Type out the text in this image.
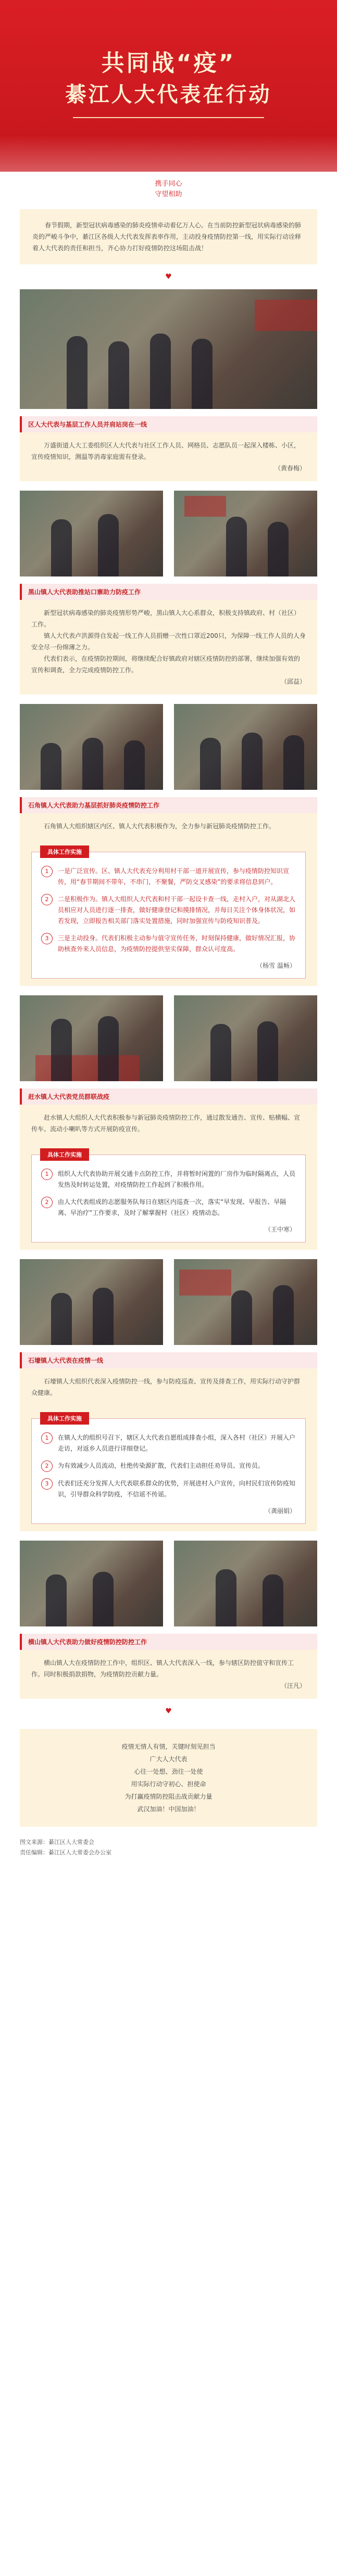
共同战“疫”
綦江人大代表在行动
携手同心
守望相助
春节假期，新型冠状病毒感染的肺炎疫情牵动着亿万人心。在当前防控新型冠状病毒感染的肺炎的严峻斗争中，綦江区各级人大代表发挥表率作用，主动投身疫情防控第一线，用实际行动诠释着人大代表的责任和担当，齐心协力打好疫情防控这场阻击战！
♥
区人大代表与基层工作人员并肩站岗在一线

万盛街道人大工委组织区人大代表与社区工作人员、网格员、志愿队员一起深入楼栋、小区，宣传疫情知识，测温等消毒家庭需有登录。

（黄春梅）
黑山镇人大代表助推站口寨助力防疫工作

新型冠状病毒感染的肺炎疫情形势严峻，黑山镇人大心系群众，积极支持镇政府、村（社区）工作。

镇人大代表卢洪源得自发起一线工作人员捐赠一次性口罩近200只，为保障一线工作人员的人身安全尽一份绵薄之力。

代表们表示，在疫情防控期间，将继续配合好镇政府对辖区疫情防控的部署，继续加强有效的宣传和调查，全力完成疫情防控工作。

（邱益）
石角镇人大代表助力基层抓好肺炎疫情防控工作

石角镇人大组织辖区内区、镇人大代表积极作为，全力参与新冠肺炎疫情防控工作。

具体工作实施
1	一是广泛宣传。区、镇人大代表充分利用村干部一道开展宣传，参与疫情防控知识宣传，用“春节期间不带年，不串门，不聚餐，严防交叉感染”的要求将信息到户。
2	二是积极作为。镇人大组织人大代表和村干部一起设卡查一线，走村入户，对从湖北人员相应对人员进行逐一排查，做好健康登记和摸排情况，并每日关注个体身体状况，如若发现，立即报告相关部门落实处置措施，同时加强宣传与防疫知识普及。
3	三是主动投身。代表们积极主动参与值守宣传任务，时刻保持健康，做好情况汇报，协助核查外来人员信息，为疫情防控提供坚实保障，群众认可度高。
（杨雪 温畅）
赶水镇人大代表党员群联战疫

赶水镇人大组织人大代表积极参与新冠肺炎疫情防控工作，通过散发通告、宣传、贴横幅、宣传车、流动小喇叭等方式开展防疫宣传。

具体工作实施
1	组织人大代表协助开展交通卡点防控工作，并将暂时闲置的厂房作为临时隔离点，人员发热及时转运处置，对疫情防控工作起到了积极作用。
2	由人大代表组成的志愿服务队每日在辖区内巡查一次，落实“早发现、早报告、早隔离、早治疗”工作要求，及时了解掌握村（社区）疫情动态。
（王中寒）
石壕镇人大代表在疫情一线

石壕镇人大组织代表深入疫情防控一线，参与防疫巡查、宣传及排查工作，用实际行动守护群众健康。

具体工作实施
1	在镇人大的组织号召下，辖区人大代表自愿组成排查小组，深入各村（社区）开展入户走访，对返乡人员进行详细登记。
2	为有效减少人员流动，杜绝传染源扩散，代表们主动担任劝导员、宣传员。
3	代表们还充分发挥人大代表联系群众的优势，开展进村入户宣传，向村民们宣传防疫知识，引导群众科学防疫，不信谣不传谣。
（龚丽娟）
横山镇人大代表助力做好疫情防控防控工作

横山镇人大在疫情防控工作中，组织区、镇人大代表深入一线，参与辖区防控值守和宣传工作。同时积极捐款捐物，为疫情防控贡献力量。

（汪凡）
♥
疫情无情人有情，关键时刻见担当
广大人大代表
心往一处想、劲往一处使
用实际行动守初心、担使命
为打赢疫情防控阻击战贡献力量
武汉加油！中国加油！
图文来源：綦江区人大常委会
责任编辑：綦江区人大常委会办公室
